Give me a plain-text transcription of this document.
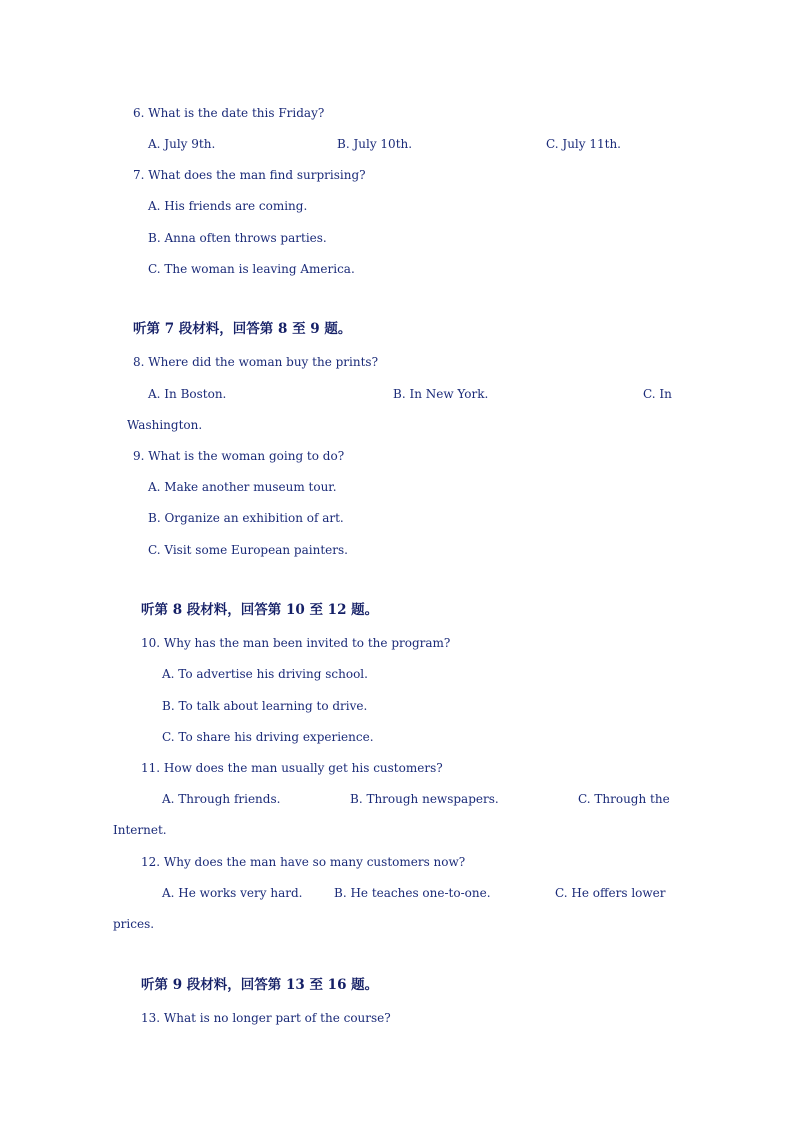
6. What is the date this Friday?
A. July 9th.	B. July 10th.	C. July 11th.
7. What does the man find surprising?
A. His friends are coming.
B. Anna often throws parties.
C. The woman is leaving America.
听第 7 段材料，回答第 8 至 9 题。
8. Where did the woman buy the prints?
A. In Boston.	B. In New York.	C. In
Washington.
9. What is the woman going to do?
A. Make another museum tour.
B. Organize an exhibition of art.
C. Visit some European painters.
听第 8 段材料，回答第 10 至 12 题。
10. Why has the man been invited to the program?
A. To advertise his driving school.
B. To talk about learning to drive.
C. To share his driving experience.
11. How does the man usually get his customers?
A. Through friends.	B. Through newspapers.	C. Through the
Internet.
12. Why does the man have so many customers now?
A. He works very hard.	B. He teaches one-to-one.	C. He offers lower
prices.
听第 9 段材料，回答第 13 至 16 题。
13. What is no longer part of the course?
